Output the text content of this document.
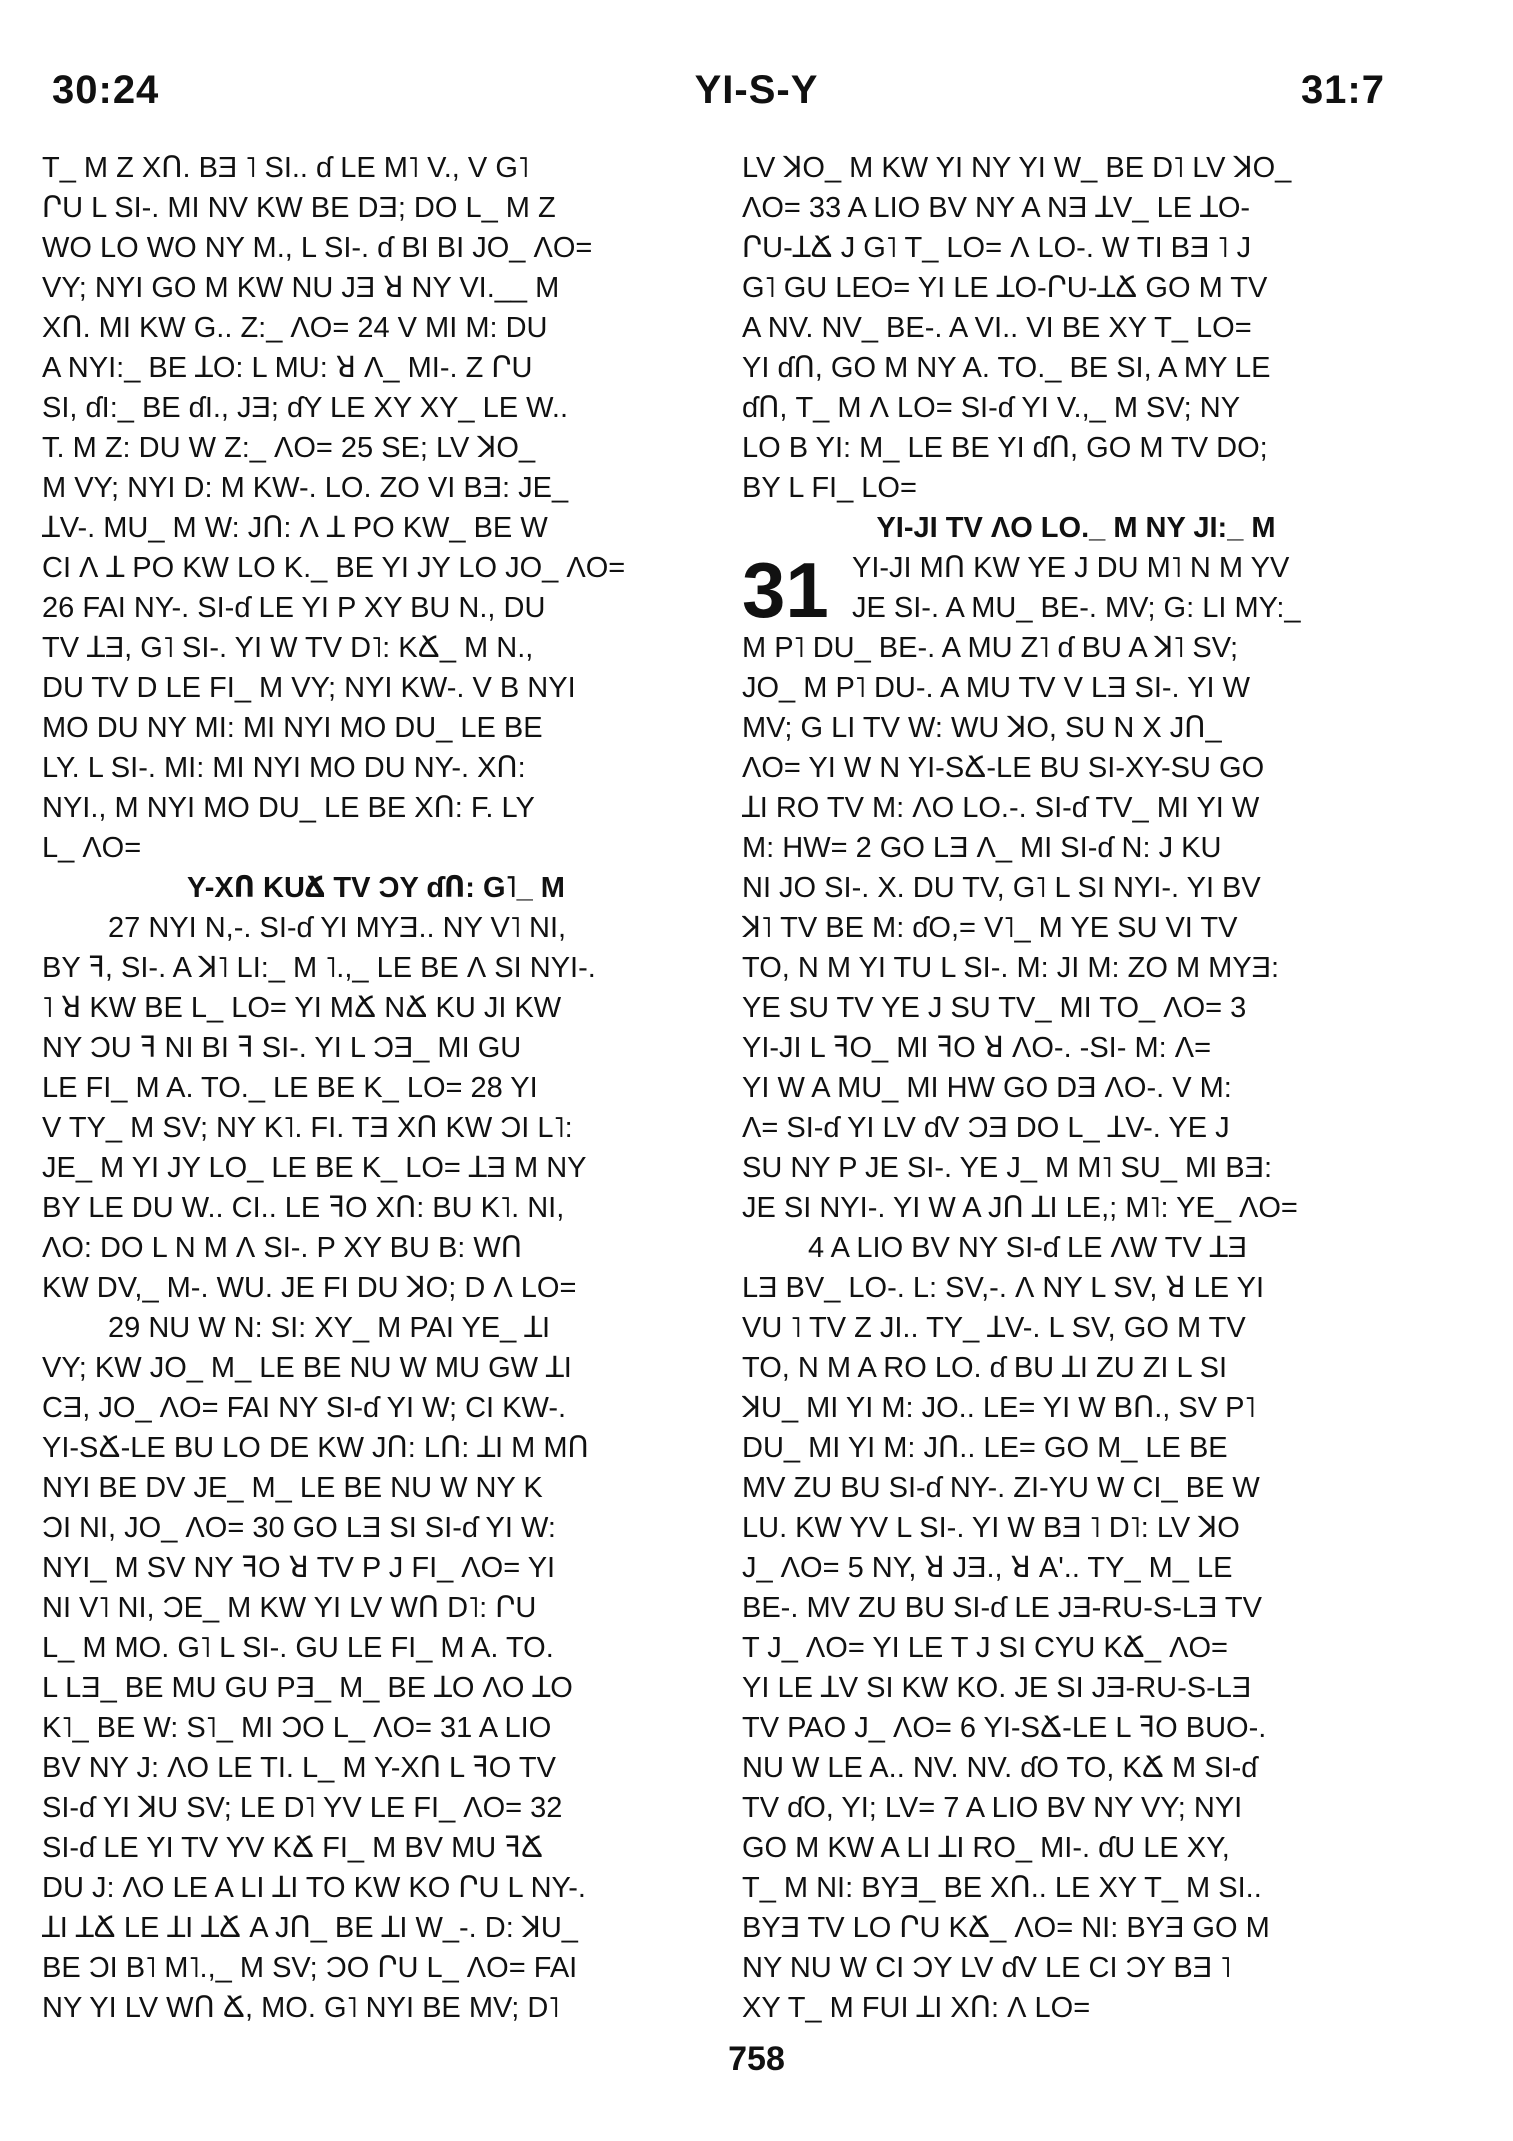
30:24	YI-S-Y	31:7
T_ M Z XՈ. BƎ ˥ SI.. ɗ LE M˥ V., V G˥
ՐU L SI-. MI NV KW BE DƎ; DO L_ M Z
WO LO WO NY M., L SI-. ɗ BI BI JO_ ɅO=
VY; NYI GO M KW NU JƎ ꓤ NY VI.__ M
XՈ. MI KW G.. Z:_ ɅO= 24 V MI M: DU
A NYI:_ BE ꓕO: L MU: ꓤ Ʌ_ MI-. Z ՐU
SI, ɗI:_ BE ɗI., JƎ; ɗY LE XY XY_ LE W..
T. M Z: DU W Z:_ ɅO= 25 SE; LV ꓘO_
M VY; NYI D: M KW-. LO. ZO VI BƎ: JE_
ꓕV-. MU_ M W: JՈ: Ʌ ꓕ PO KW_ BE W
CI Ʌ ꓕ PO KW LO K._ BE YI JY LO JO_ ɅO=
26 FAI NY-. SI-ɗ LE YI P XY BU N., DU
TV ꓕƎ, G˥ SI-. YI W TV D˥: KՃ_ M N.,
DU TV D LE FI_ M VY; NYI KW-. V B NYI
MO DU NY MI: MI NYI MO DU_ LE BE
LY. L SI-. MI: MI NYI MO DU NY-. XՈ:
NYI., M NYI MO DU_ LE BE XՈ: F. LY
L_ ɅO=
Y-XՈ KUՃ TV ƆY ɗՈ: G˥_ M
27 NYI N,-. SI-ɗ YI MYƎ.. NY V˥ NI,
BY ꟻ, SI-. A ꓘ˥ LI:_ M ˥.,_ LE BE Ʌ SI NYI-.
˥ ꓤ KW BE L_ LO= YI MՃ NՃ KU JI KW
NY ƆU ꟻ NI BI ꟻ SI-. YI L ƆƎ_ MI GU
LE FI_ M A. TO._ LE BE K_ LO= 28 YI
V TY_ M SV; NY K˥. FI. TƎ XՈ KW ƆI L˥:
JE_ M YI JY LO_ LE BE K_ LO= ꓕƎ M NY
BY LE DU W.. CI.. LE ꟻO XՈ: BU K˥. NI,
ɅO: DO L N M Ʌ SI-. P XY BU B: WՈ
KW DV,_ M-. WU. JE FI DU ꓘO; D Ʌ LO=
29 NU W N: SI: XY_ M PAI YE_ ꓕI
VY; KW JO_ M_ LE BE NU W MU GW ꓕI
CƎ, JO_ ɅO= FAI NY SI-ɗ YI W; CI KW-.
YI-SՃ-LE BU LO DE KW JՈ: LՈ: ꓕI M MՈ
NYI BE DV JE_ M_ LE BE NU W NY K
ƆI NI, JO_ ɅO= 30 GO LƎ SI SI-ɗ YI W:
NYI_ M SV NY ꟻO ꓤ TV P J FI_ ɅO= YI
NI V˥ NI, ƆE_ M KW YI LV WՈ D˥: ՐU
L_ M MO. G˥ L SI-. GU LE FI_ M A. TO.
L LƎ_ BE MU GU PƎ_ M_ BE ꓕO ɅO ꓕO
K˥_ BE W: S˥_ MI ƆO L_ ɅO= 31 A LIO
BV NY J: ɅO LE TI. L_ M Y-XՈ L ꟻO TV
SI-ɗ YI ꓘU SV; LE D˥ YV LE FI_ ɅO= 32
SI-ɗ LE YI TV YV KՃ FI_ M BV MU ꟻՃ
DU J: ɅO LE A LI ꓕI TO KW KO ՐU L NY-.
ꓕI ꓕՃ LE ꓕI ꓕՃ A JՈ_ BE ꓕI W_-. D: ꓘU_
BE ƆI B˥ M˥.,_ M SV; ƆO ՐU L_ ɅO= FAI
NY YI LV WՈ Ճ, MO. G˥ NYI BE MV; D˥
LV ꓘO_ M KW YI NY YI W_ BE D˥ LV ꓘO_
ɅO= 33 A LIO BV NY A NƎ ꓕV_ LE ꓕO-
ՐU-ꓕՃ J G˥ T_ LO= Ʌ LO-. W TI BƎ ˥ J
G˥ GU LEO= YI LE ꓕO-ՐU-ꓕՃ GO M TV
A NV. NV_ BE-. A VI.. VI BE XY T_ LO=
YI ɗՈ, GO M NY A. TO._ BE SI, A MY LE
ɗՈ, T_ M Ʌ LO= SI-ɗ YI V.,_ M SV; NY
LO B YI: M_ LE BE YI ɗՈ, GO M TV DO;
BY L FI_ LO=
YI-JI TV ɅO LO._ M NY JI:_ M
31 YI-JI MՈ KW YE J DU M˥ N M YV
JE SI-. A MU_ BE-. MV; G: LI MY:_
M P˥ DU_ BE-. A MU Z˥ ɗ BU A ꓘ˥ SV;
JO_ M P˥ DU-. A MU TV V LƎ SI-. YI W
MV; G LI TV W: WU ꓘO, SU N X JՈ_
ɅO= YI W N YI-SՃ-LE BU SI-XY-SU GO
ꓕI RO TV M: ɅO LO.-. SI-ɗ TV_ MI YI W
M: HW= 2 GO LƎ Ʌ_ MI SI-ɗ N: J KU
NI JO SI-. X. DU TV, G˥ L SI NYI-. YI BV
ꓘ˥ TV BE M: ɗO,= V˥_ M YE SU VI TV
TO, N M YI TU L SI-. M: JI M: ZO M MYƎ:
YE SU TV YE J SU TV_ MI TO_ ɅO= 3
YI-JI L ꟻO_ MI ꟻO ꓤ ɅO-. -SI- M: Ʌ=
YI W A MU_ MI HW GO DƎ ɅO-. V M:
Ʌ= SI-ɗ YI LV ɗV ƆƎ DO L_ ꓕV-. YE J
SU NY P JE SI-. YE J_ M M˥ SU_ MI BƎ:
JE SI NYI-. YI W A JՈ ꓕI LE,; M˥: YE_ ɅO=
4 A LIO BV NY SI-ɗ LE ɅW TV ꓕƎ
LƎ BV_ LO-. L: SV,-. Ʌ NY L SV, ꓤ LE YI
VU ˥ TV Z JI.. TY_ ꓕV-. L SV, GO M TV
TO, N M A RO LO. ɗ BU ꓕI ZU ZI L SI
ꓘU_ MI YI M: JO.. LE= YI W BՈ., SV P˥
DU_ MI YI M: JՈ.. LE= GO M_ LE BE
MV ZU BU SI-ɗ NY-. ZI-YU W CI_ BE W
LU. KW YV L SI-. YI W BƎ ˥ D˥: LV ꓘO
J_ ɅO= 5 NY, ꓤ JƎ., ꓤ A'.. TY_ M_ LE
BE-. MV ZU BU SI-ɗ LE JƎ-RU-S-LƎ TV
T J_ ɅO= YI LE T J SI CYU KՃ_ ɅO=
YI LE ꓕV SI KW KO. JE SI JƎ-RU-S-LƎ
TV PAO J_ ɅO= 6 YI-SՃ-LE L ꟻO BUO-.
NU W LE A.. NV. NV. ɗO TO, KՃ M SI-ɗ
TV ɗO, YI; LV= 7 A LIO BV NY VY; NYI
GO M KW A LI ꓕI RO_ MI-. ɗU LE XY,
T_ M NI: BYƎ_ BE XՈ.. LE XY T_ M SI..
BYƎ TV LO ՐU KՃ_ ɅO= NI: BYƎ GO M
NY NU W CI ƆY LV ɗV LE CI ƆY BƎ ˥
XY T_ M FUI ꓕI XՈ: Ʌ LO=
758
